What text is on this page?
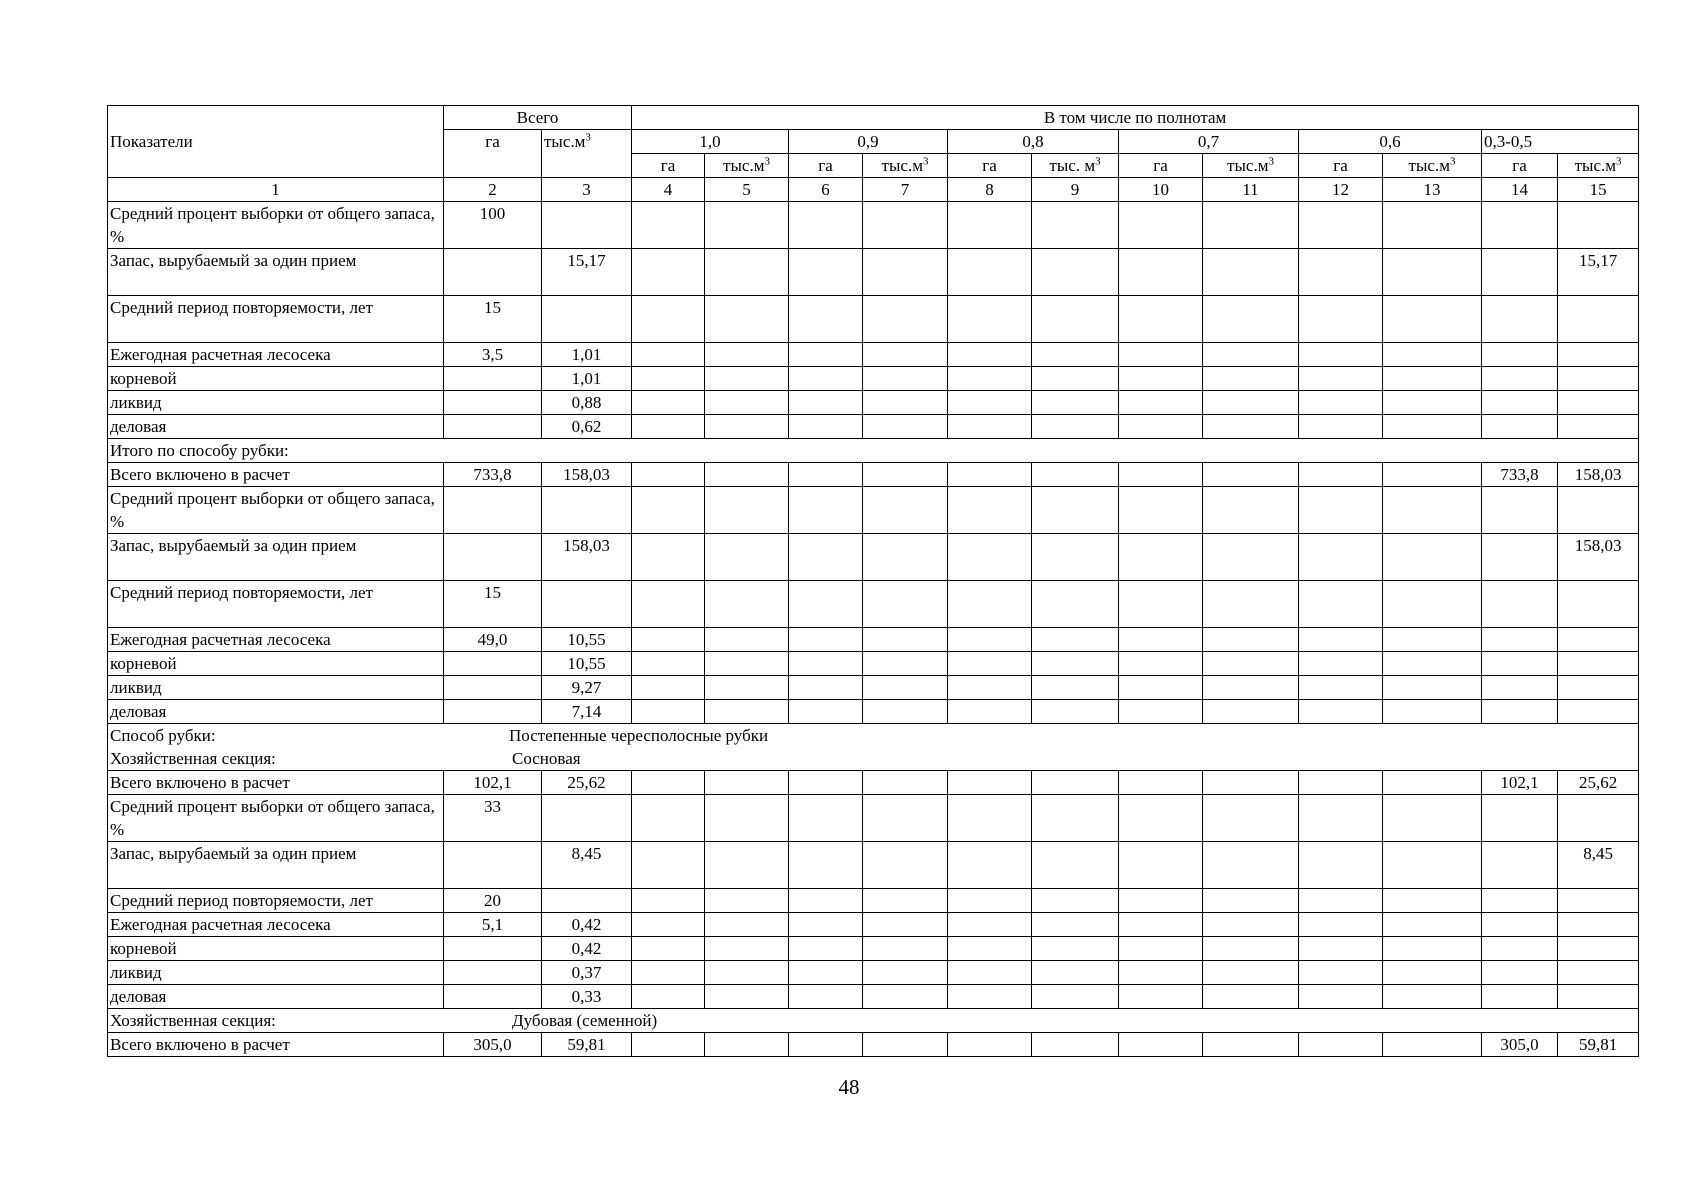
Показатели	Всего		В том числе по полнотам											
	га	$тыс.м^3$	1,0		0,9		0,8		0,7		0,6		0,3-0,5	
			га	$тыс.м^3$	га	$тыс.м^3$	га	тыс. $м^3$	га	$тыс.м^3$	га	$тыс.м^3$	га	$тыс.м^3$
1	2	3	4	5	6	7	8	9	10	11	12	13	14	15
Средний процент выборки от общего запаса, %	100													
Запас, вырубаемый за один прием		15,17												15,17
Средний период повторяемости, лет	15													
Ежегодная расчетная лесосека	3,5	1,01												
корневой		1,01												
ликвид		0,88												
деловая		0,62												

Итого по способу рубки:														

Всего включено в расчет	733,8	158,03											733,8	158,03
Средний процент выборки от общего запаса, %														
Запас, вырубаемый за один прием		158,03												158,03
Средний период повторяемости, лет	15													
Ежегодная расчетная лесосека	49,0	10,55												
корневой		10,55												
ликвид		9,27												
деловая		7,14												

Способ рубки: Постепенные чересполосные рубки
Хозяйственная секция: Сосновая														

Всего включено в расчет	102,1	25,62											102,1	25,62
Средний процент выборки от общего запаса, %	33													
Запас, вырубаемый за один прием		8,45												8,45
Средний период повторяемости, лет	20													
Ежегодная расчетная лесосека	5,1	0,42												
корневой		0,42												
ликвид		0,37												
деловая		0,33												

Хозяйственная секция: Дубовая (семенной)														

Всего включено в расчет	305,0	59,81											305,0	59,81
48
